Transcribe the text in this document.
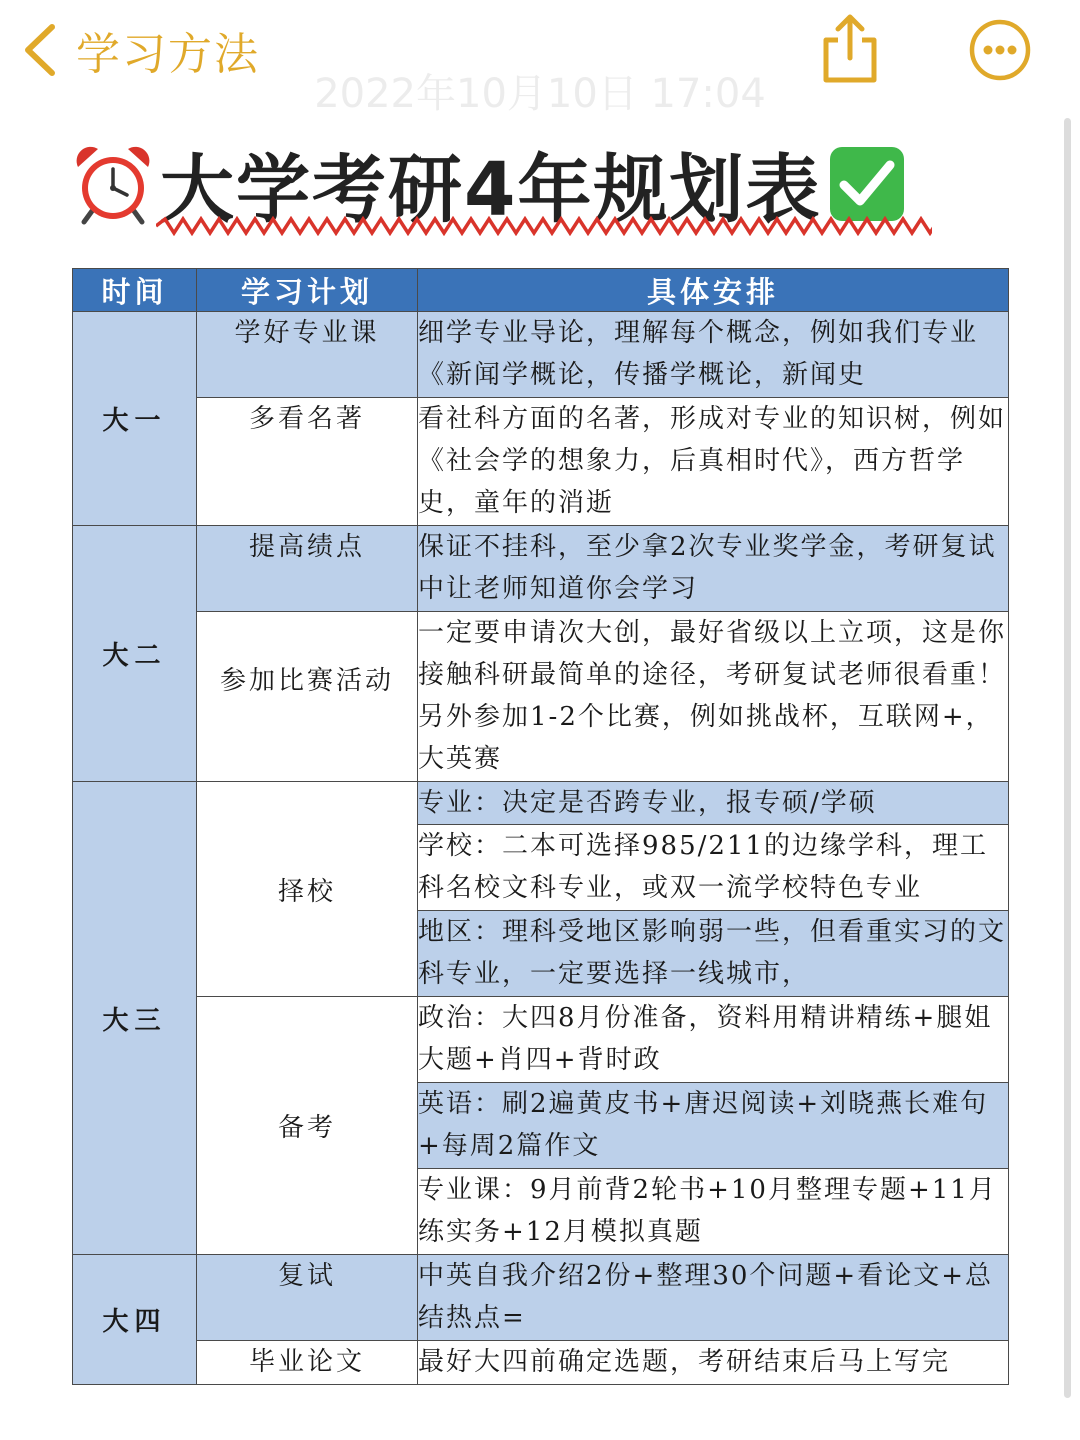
学习方法
2022年10月10日 17:04
大学考研4年规划表
时间	学习计划	具体安排
大一	学好专业课	细学专业导论，理解每个概念，例如我们专业《新闻学概论，传播学概论，新闻史
	多看名著	看社科方面的名著，形成对专业的知识树，例如《社会学的想象力，后真相时代》，西方哲学史，童年的消逝
大二	提高绩点	保证不挂科，至少拿2次专业奖学金，考研复试中让老师知道你会学习
	参加比赛活动	一定要申请次大创，最好省级以上立项，这是你接触科研最简单的途径，考研复试老师很看重！另外参加1-2个比赛，例如挑战杯，互联网+，大英赛
大三	择校	专业：决定是否跨专业，报专硕/学硕
		学校：二本可选择985/211的边缘学科，理工科名校文科专业，或双一流学校特色专业
		地区：理科受地区影响弱一些，但看重实习的文科专业，一定要选择一线城市，
	备考	政治：大四8月份准备，资料用精讲精练+腿姐大题+肖四+背时政
		英语：刷2遍黄皮书+唐迟阅读+刘晓燕长难句+每周2篇作文
		专业课：9月前背2轮书+10月整理专题+11月练实务+12月模拟真题
大四	复试	中英自我介绍2份+整理30个问题+看论文+总结热点=
	毕业论文	最好大四前确定选题，考研结束后马上写完
